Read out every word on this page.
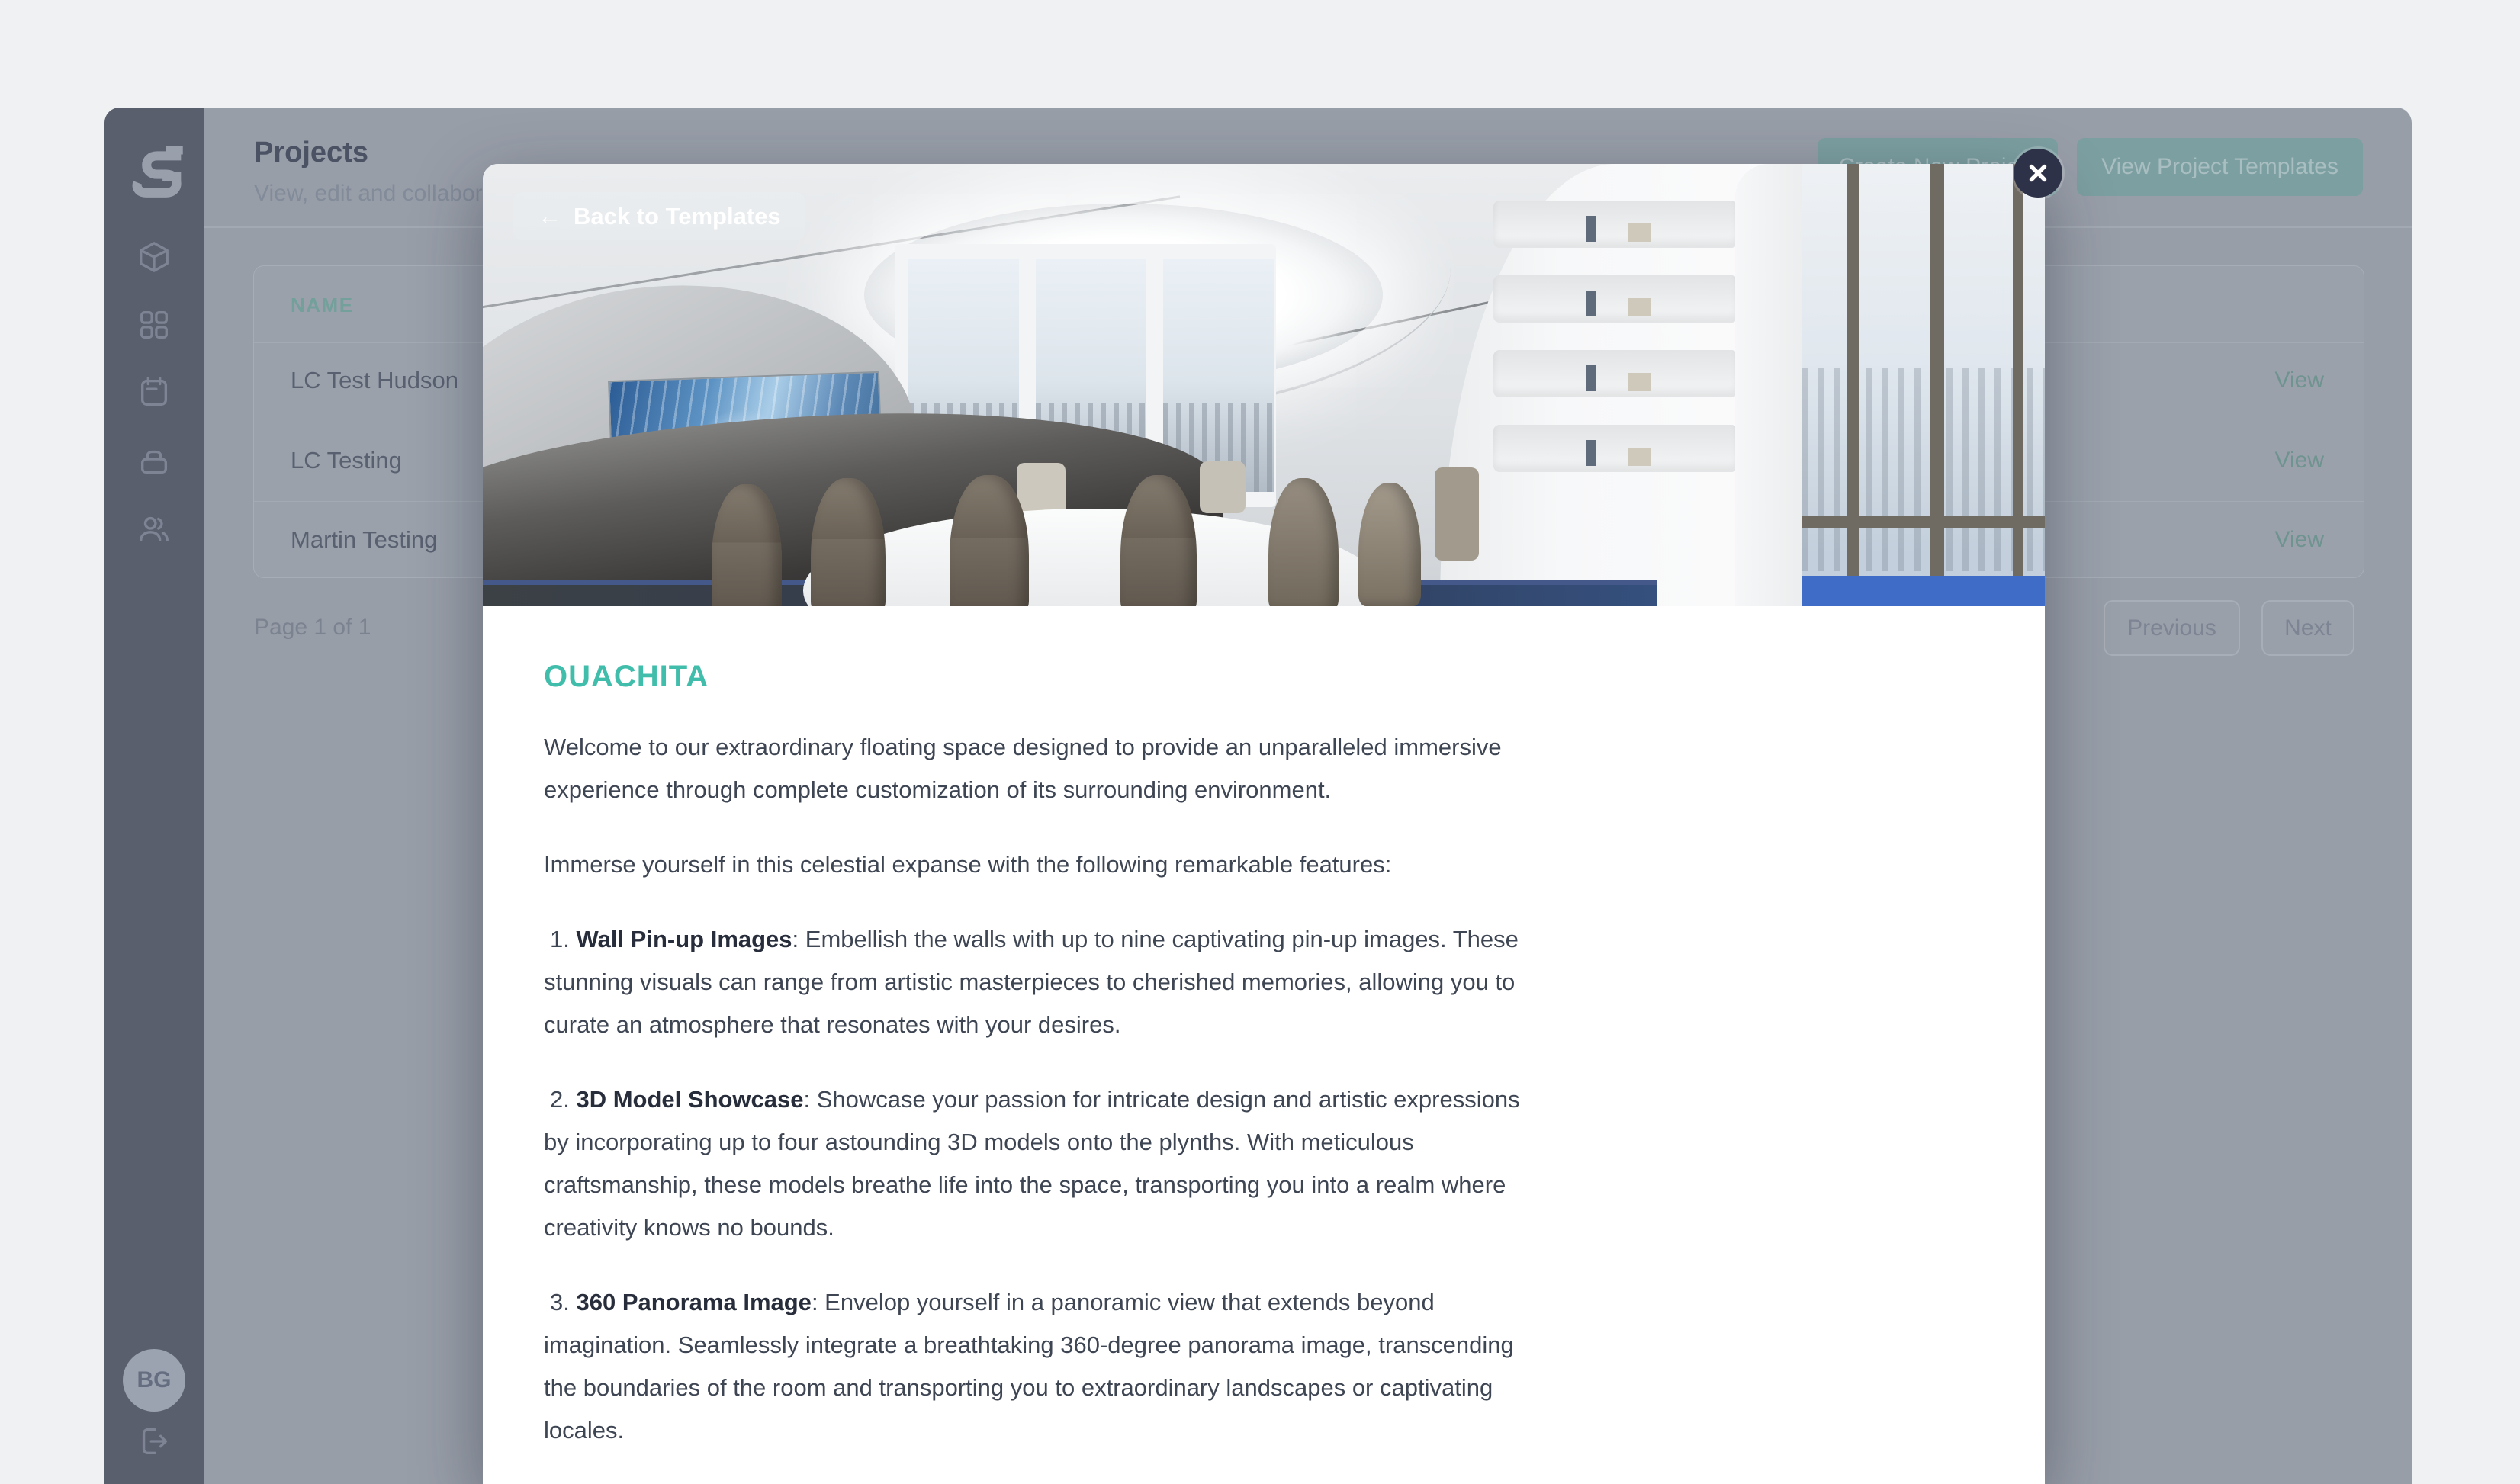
BG
Projects
View, edit and collabor
View Project Templates
NAME
LC Test Hudson	View
LC Testing	View
Martin Testing	View
Page 1 of 1	Previous	Next
← Back to Templates
OUACHITA

Welcome to our extraordinary floating space designed to provide an unparalleled immersive experience through complete customization of its surrounding environment.

Immerse yourself in this celestial expanse with the following remarkable features:

1. Wall Pin-up Images: Embellish the walls with up to nine captivating pin-up images. These stunning visuals can range from artistic masterpieces to cherished memories, allowing you to curate an atmosphere that resonates with your desires.

2. 3D Model Showcase: Showcase your passion for intricate design and artistic expressions by incorporating up to four astounding 3D models onto the plynths. With meticulous craftsmanship, these models breathe life into the space, transporting you into a realm where creativity knows no bounds.

3. 360 Panorama Image: Envelop yourself in a panoramic view that extends beyond imagination. Seamlessly integrate a breathtaking 360-degree panorama image, transcending the boundaries of the room and transporting you to extraordinary landscapes or captivating locales.
